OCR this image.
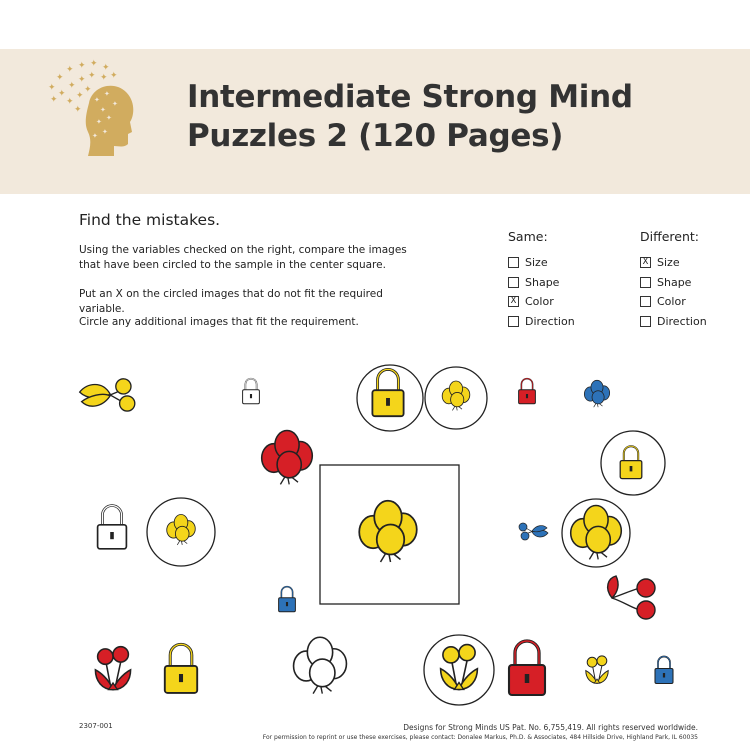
✦
✦
✦ ✦ ✦ ✦
✦
✦
✦ ✦ ✦
✦
✦
✦
✦
✦
✦
✦
✦
✦
✦
✦ ✦
✦ ✦
Intermediate Strong Mind
Puzzles 2 (120 Pages)
Find the mistakes.
Using the variables checked on the right, compare the images that have been circled to the sample in the center square.
Put an X on the circled images that do not fit the required variable.
Circle any additional images that fit the requirement.
Same:
Size
Shape
X Color
Direction
Different:
X Size
Shape
Color
Direction
2307-001	Designs for Strong Minds US Pat. No. 6,755,419. All rights reserved worldwide.
For permission to reprint or use these exercises, please contact: Donalee Markus, Ph.D. & Associates, 484 Hillside Drive, Highland Park, IL 60035
